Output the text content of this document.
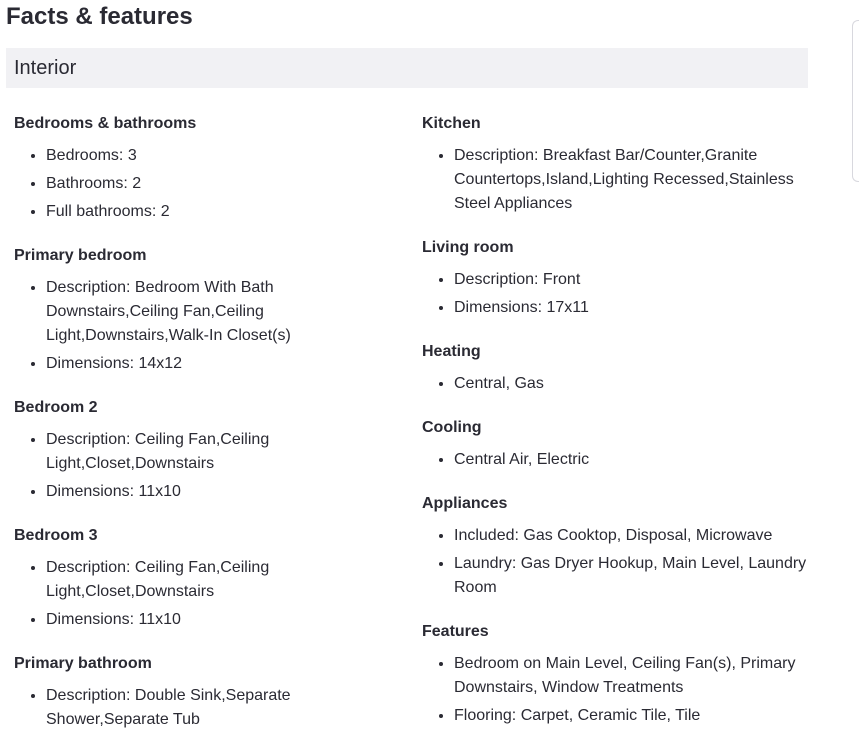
Facts & features
Interior
Bedrooms & bathrooms
• Bedrooms: 3
• Bathrooms: 2
• Full bathrooms: 2
Primary bedroom
• Description: Bedroom With Bath Downstairs,Ceiling Fan,Ceiling Light,Downstairs,Walk-In Closet(s)
• Dimensions: 14x12
Bedroom 2
• Description: Ceiling Fan,Ceiling Light,Closet,Downstairs
• Dimensions: 11x10
Bedroom 3
• Description: Ceiling Fan,Ceiling Light,Closet,Downstairs
• Dimensions: 11x10
Primary bathroom
• Description: Double Sink,Separate Shower,Separate Tub
Kitchen
• Description: Breakfast Bar/Counter,Granite Countertops,Island,Lighting Recessed,Stainless Steel Appliances
Living room
• Description: Front
• Dimensions: 17x11
Heating
• Central, Gas
Cooling
• Central Air, Electric
Appliances
• Included: Gas Cooktop, Disposal, Microwave
• Laundry: Gas Dryer Hookup, Main Level, Laundry Room
Features
• Bedroom on Main Level, Ceiling Fan(s), Primary Downstairs, Window Treatments
• Flooring: Carpet, Ceramic Tile, Tile
